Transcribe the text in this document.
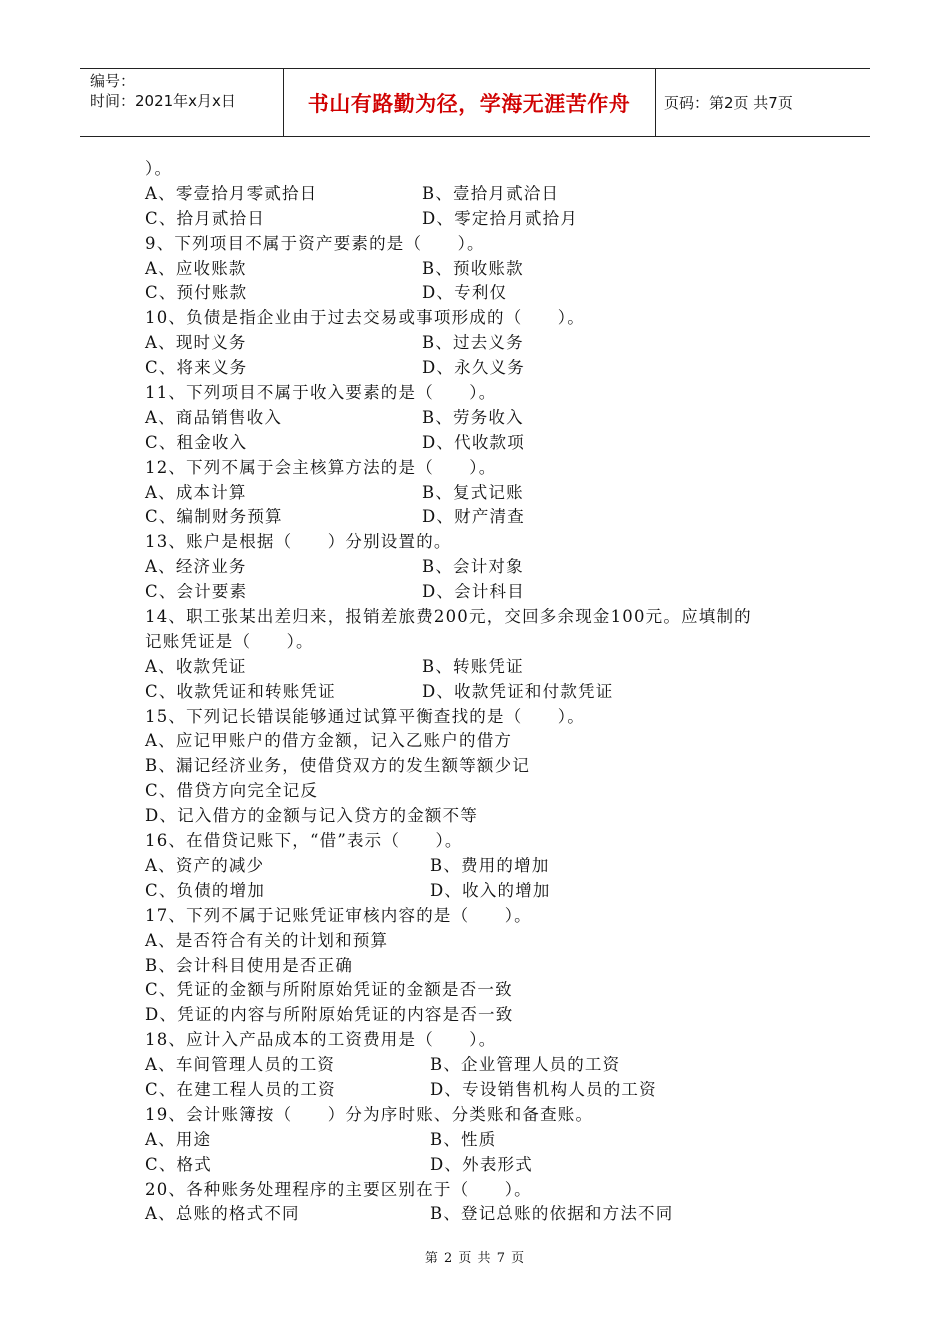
编号：
时间：2021年x月x日	书山有路勤为径，学海无涯苦作舟	页码：第2页 共7页
）。
A、零壹拾月零贰拾日	B、壹拾月贰洽日
C、拾月贰拾日	D、零定拾月贰拾月
9、下列项目不属于资产要素的是（　　）。
A、应收账款	B、预收账款
C、预付账款	D、专利仅
10、负债是指企业由于过去交易或事项形成的（　　）。
A、现时义务	B、过去义务
C、将来义务	D、永久义务
11、下列项目不属于收入要素的是（　　）。
A、商品销售收入	B、劳务收入
C、租金收入	D、代收款项
12、下列不属于会主核算方法的是（　　）。
A、成本计算	B、复式记账
C、编制财务预算	D、财产清查
13、账户是根据（　　）分别设置的。
A、经济业务	B、会计对象
C、会计要素	D、会计科目
14、职工张某出差归来，报销差旅费200元，交回多余现金100元。应填制的
记账凭证是（　　）。
A、收款凭证	B、转账凭证
C、收款凭证和转账凭证	D、收款凭证和付款凭证
15、下列记长错误能够通过试算平衡查找的是（　　）。
A、应记甲账户的借方金额，记入乙账户的借方
B、漏记经济业务，使借贷双方的发生额等额少记
C、借贷方向完全记反
D、记入借方的金额与记入贷方的金额不等
16、在借贷记账下，“借”表示（　　）。
A、资产的减少	B、费用的增加
C、负债的增加	D、收入的增加
17、下列不属于记账凭证审核内容的是（　　）。
A、是否符合有关的计划和预算
B、会计科目使用是否正确
C、凭证的金额与所附原始凭证的金额是否一致
D、凭证的内容与所附原始凭证的内容是否一致
18、应计入产品成本的工资费用是（　　）。
A、车间管理人员的工资	B、企业管理人员的工资
C、在建工程人员的工资	D、专设销售机构人员的工资
19、会计账簿按（　　）分为序时账、分类账和备查账。
A、用途	B、性质
C、格式	D、外表形式
20、各种账务处理程序的主要区别在于（　　）。
A、总账的格式不同	B、登记总账的依据和方法不同
第 2 页 共 7 页
